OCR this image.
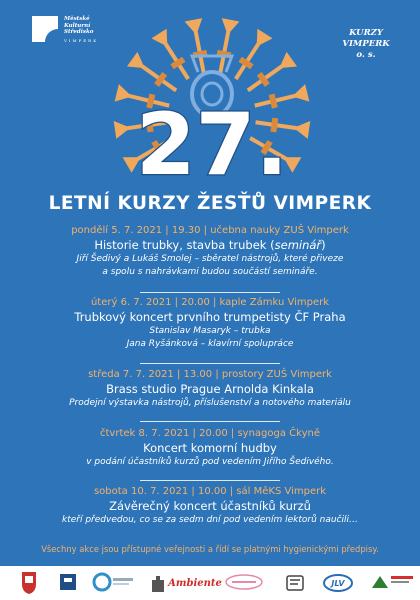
Městské
Kulturní
Středisko
VIMPERK
KURZY
VIMPERK
o. s.
27.
LETNÍ KURZY ŽESŤŮ VIMPERK
pondělí 5. 7. 2021 | 19.30 | učebna nauky ZUŠ Vimperk
Historie trubky, stavba trubek (seminář)
Jiří Šedivý a Lukáš Smolej – sběratel nástrojů, které přiveze
a spolu s nahrávkami budou součástí semináře.
úterý 6. 7. 2021 | 20.00 | kaple Zámku Vimperk
Trubkový koncert prvního trumpetisty ČF Praha
Stanislav Masaryk – trubka
Jana Ryšánková – klavírní spolupráce
středa 7. 7. 2021 | 13.00 | prostory ZUŠ Vimperk
Brass studio Prague Arnolda Kinkala
Prodejní výstavka nástrojů, příslušenství a notového materiálu
čtvrtek 8. 7. 2021 | 20.00 | synagoga Čkyně
Koncert komorní hudby
v podání účastníků kurzů pod vedením Jiřího Šedivého.
sobota 10. 7. 2021 | 10.00 | sál MěKS Vimperk
Závěrečný koncert účastníků kurzů
kteří předvedou, co se za sedm dní pod vedením lektorů naučili…
Všechny akce jsou přístupné veřejnosti a řídí se platnými hygienickými předpisy.
Ambiente	JLV
